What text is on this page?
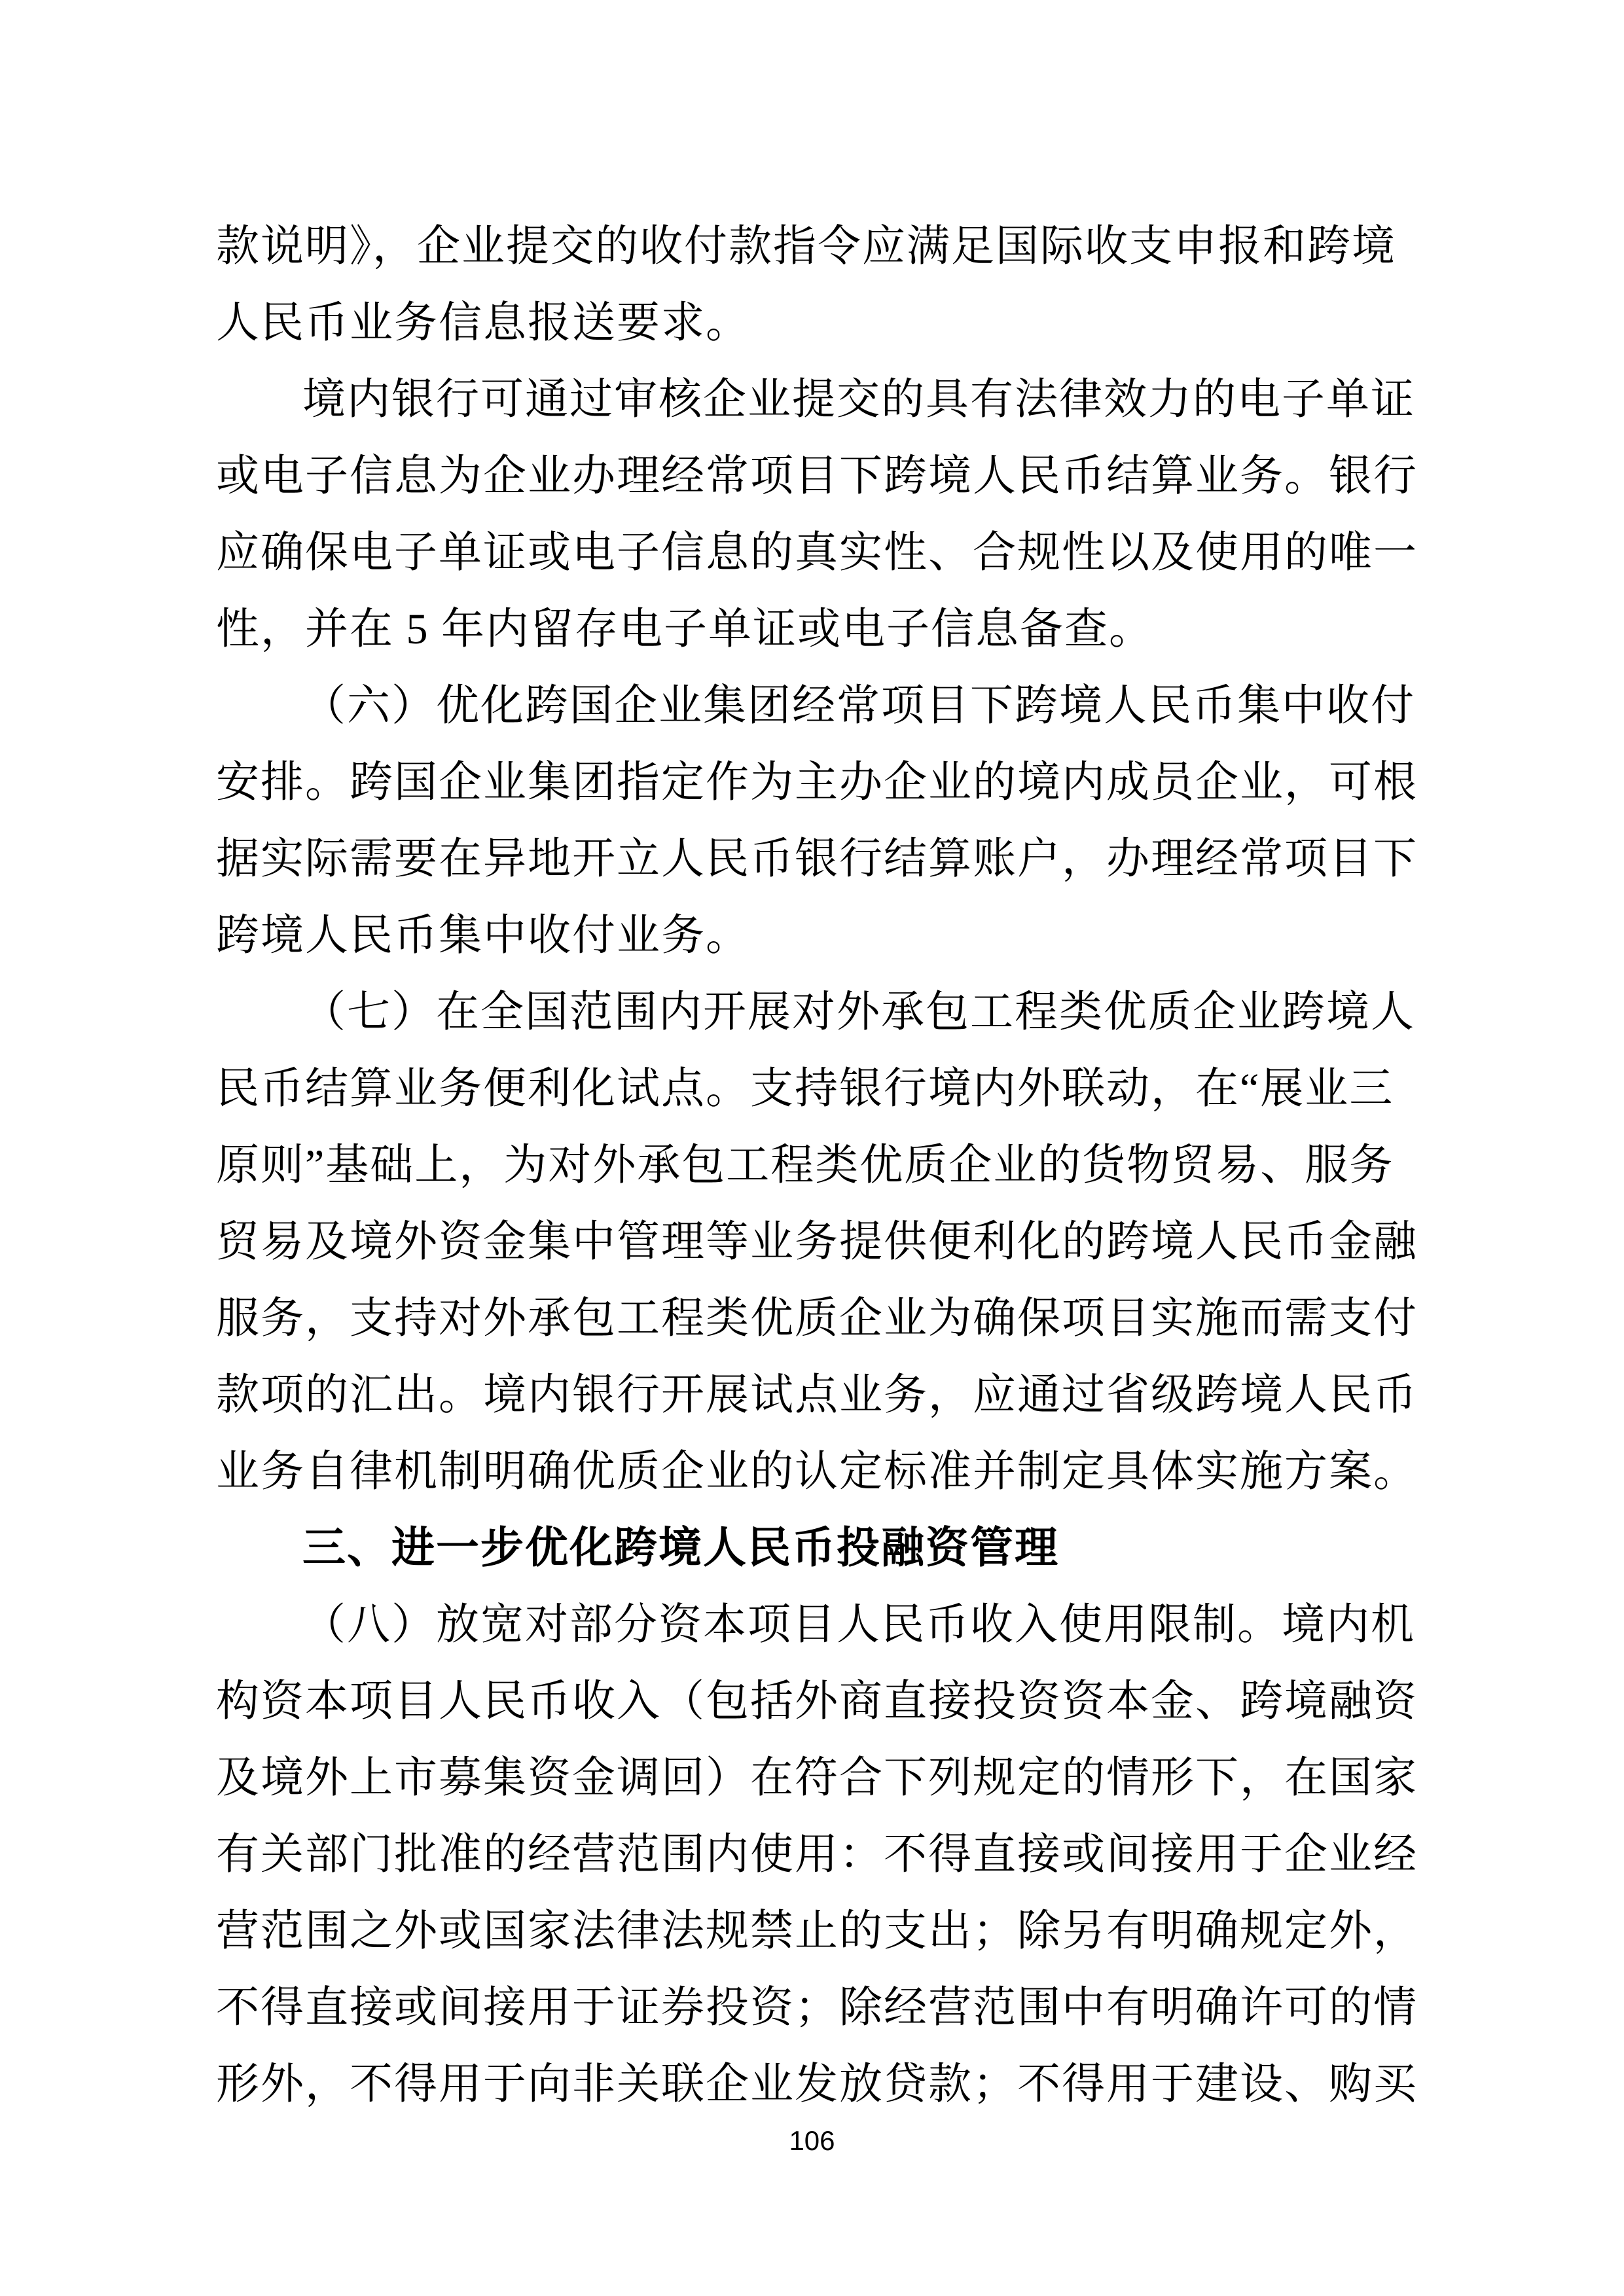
款说明》，企业提交的收付款指令应满足国际收支申报和跨境
人民币业务信息报送要求。
境内银行可通过审核企业提交的具有法律效力的电子单证
或电子信息为企业办理经常项目下跨境人民币结算业务。银行
应确保电子单证或电子信息的真实性、合规性以及使用的唯一
性，并在 5 年内留存电子单证或电子信息备查。
（六）优化跨国企业集团经常项目下跨境人民币集中收付
安排。跨国企业集团指定作为主办企业的境内成员企业，可根
据实际需要在异地开立人民币银行结算账户，办理经常项目下
跨境人民币集中收付业务。
（七）在全国范围内开展对外承包工程类优质企业跨境人
民币结算业务便利化试点。支持银行境内外联动，在“展业三
原则”基础上，为对外承包工程类优质企业的货物贸易、服务
贸易及境外资金集中管理等业务提供便利化的跨境人民币金融
服务，支持对外承包工程类优质企业为确保项目实施而需支付
款项的汇出。境内银行开展试点业务，应通过省级跨境人民币
业务自律机制明确优质企业的认定标准并制定具体实施方案。
三、进一步优化跨境人民币投融资管理
（八）放宽对部分资本项目人民币收入使用限制。境内机
构资本项目人民币收入（包括外商直接投资资本金、跨境融资
及境外上市募集资金调回）在符合下列规定的情形下，在国家
有关部门批准的经营范围内使用：不得直接或间接用于企业经
营范围之外或国家法律法规禁止的支出；除另有明确规定外，
不得直接或间接用于证券投资；除经营范围中有明确许可的情
形外，不得用于向非关联企业发放贷款；不得用于建设、购买
106
